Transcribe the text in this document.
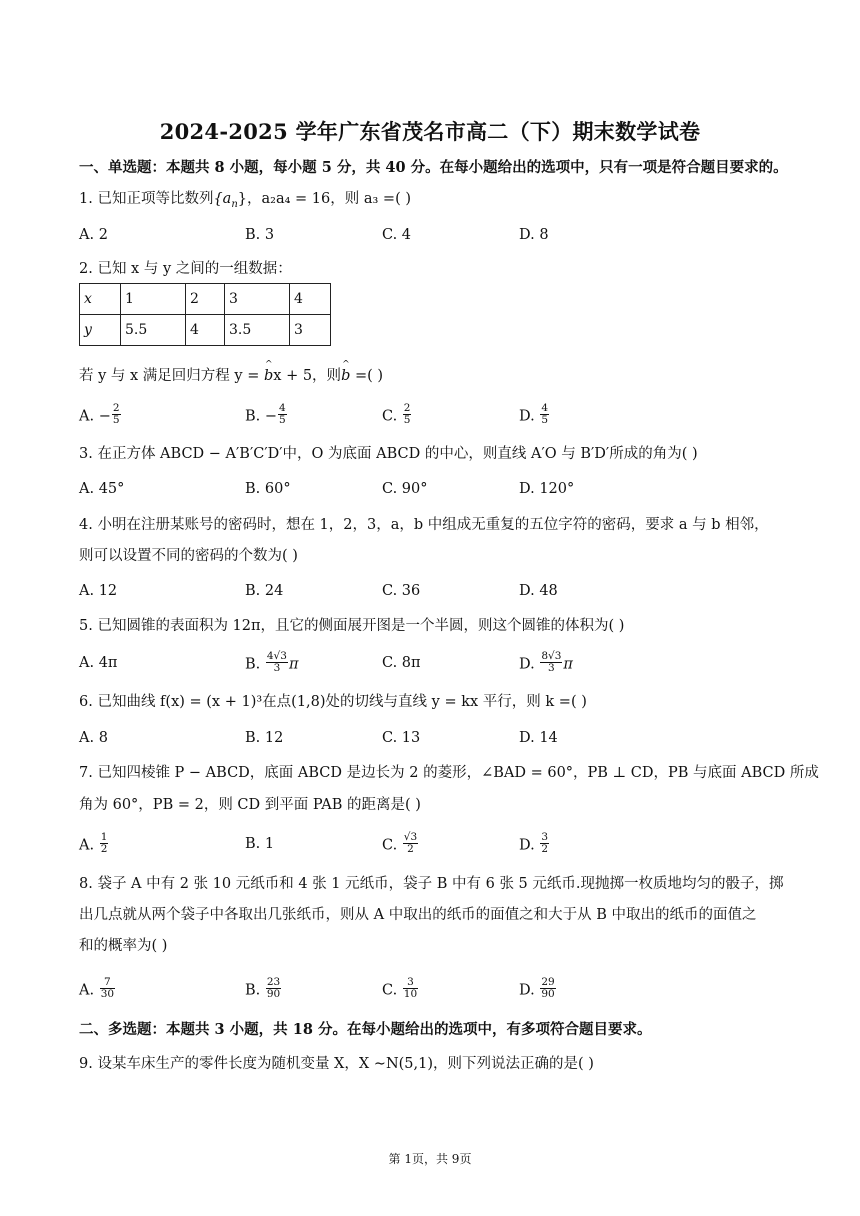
2024-2025 学年广东省茂名市高二（下）期末数学试卷
一、单选题：本题共 8 小题，每小题 5 分，共 40 分。在每小题给出的选项中，只有一项是符合题目要求的。
1. 已知正项等比数列$\{a_n\}$，a₂a₄ = 16，则 a₃ =( )
A. 2	B. 3	C. 4	D. 8
2. 已知 x 与 y 之间的一组数据：
x	1	2	3	4
y	5.5	4	3.5	3
若 y 与 x 满足回归方程 y = ^ bx + 5，则^ b =( )
A. − $\frac{2}{5}$	B. − $\frac{4}{5}$	C. $\frac{2}{5}$	D. $\frac{4}{5}$
3. 在正方体 ABCD − A′B′C′D′中，O 为底面 ABCD 的中心，则直线 A′O 与 B′D′所成的角为( )
A. 45°	B. 60°	C. 90°	D. 120°
4. 小明在注册某账号的密码时，想在 1，2，3，a，b 中组成无重复的五位字符的密码，要求 a 与 b 相邻，
则可以设置不同的密码的个数为( )
A. 12	B. 24	C. 36	D. 48
5. 已知圆锥的表面积为 12π，且它的侧面展开图是一个半圆，则这个圆锥的体积为( )
A. 4π	B. $\frac{4√3}{3}$ π	C. 8π	D. $\frac{8√3}{3}$ π
6. 已知曲线 f(x) = (x + 1)³在点(1,8)处的切线与直线 y = kx 平行，则 k =( )
A. 8	B. 12	C. 13	D. 14
7. 已知四棱锥 P − ABCD，底面 ABCD 是边长为 2 的菱形，∠BAD = 60°，PB ⊥ CD，PB 与底面 ABCD 所成
角为 60°，PB = 2，则 CD 到平面 PAB 的距离是( )
A. $\frac{1}{2}$	B. 1	C. $\frac{√3}{2}$	D. $\frac{3}{2}$
8. 袋子 A 中有 2 张 10 元纸币和 4 张 1 元纸币，袋子 B 中有 6 张 5 元纸币.现抛掷一枚质地均匀的骰子，掷
出几点就从两个袋子中各取出几张纸币，则从 A 中取出的纸币的面值之和大于从 B 中取出的纸币的面值之
和的概率为( )
A. $\frac{7}{30}$	B. $\frac{23}{90}$	C. $\frac{3}{10}$	D. $\frac{29}{90}$
二、多选题：本题共 3 小题，共 18 分。在每小题给出的选项中，有多项符合题目要求。
9. 设某车床生产的零件长度为随机变量 X，X ∼N(5,1)，则下列说法正确的是( )
第 1页，共 9页
